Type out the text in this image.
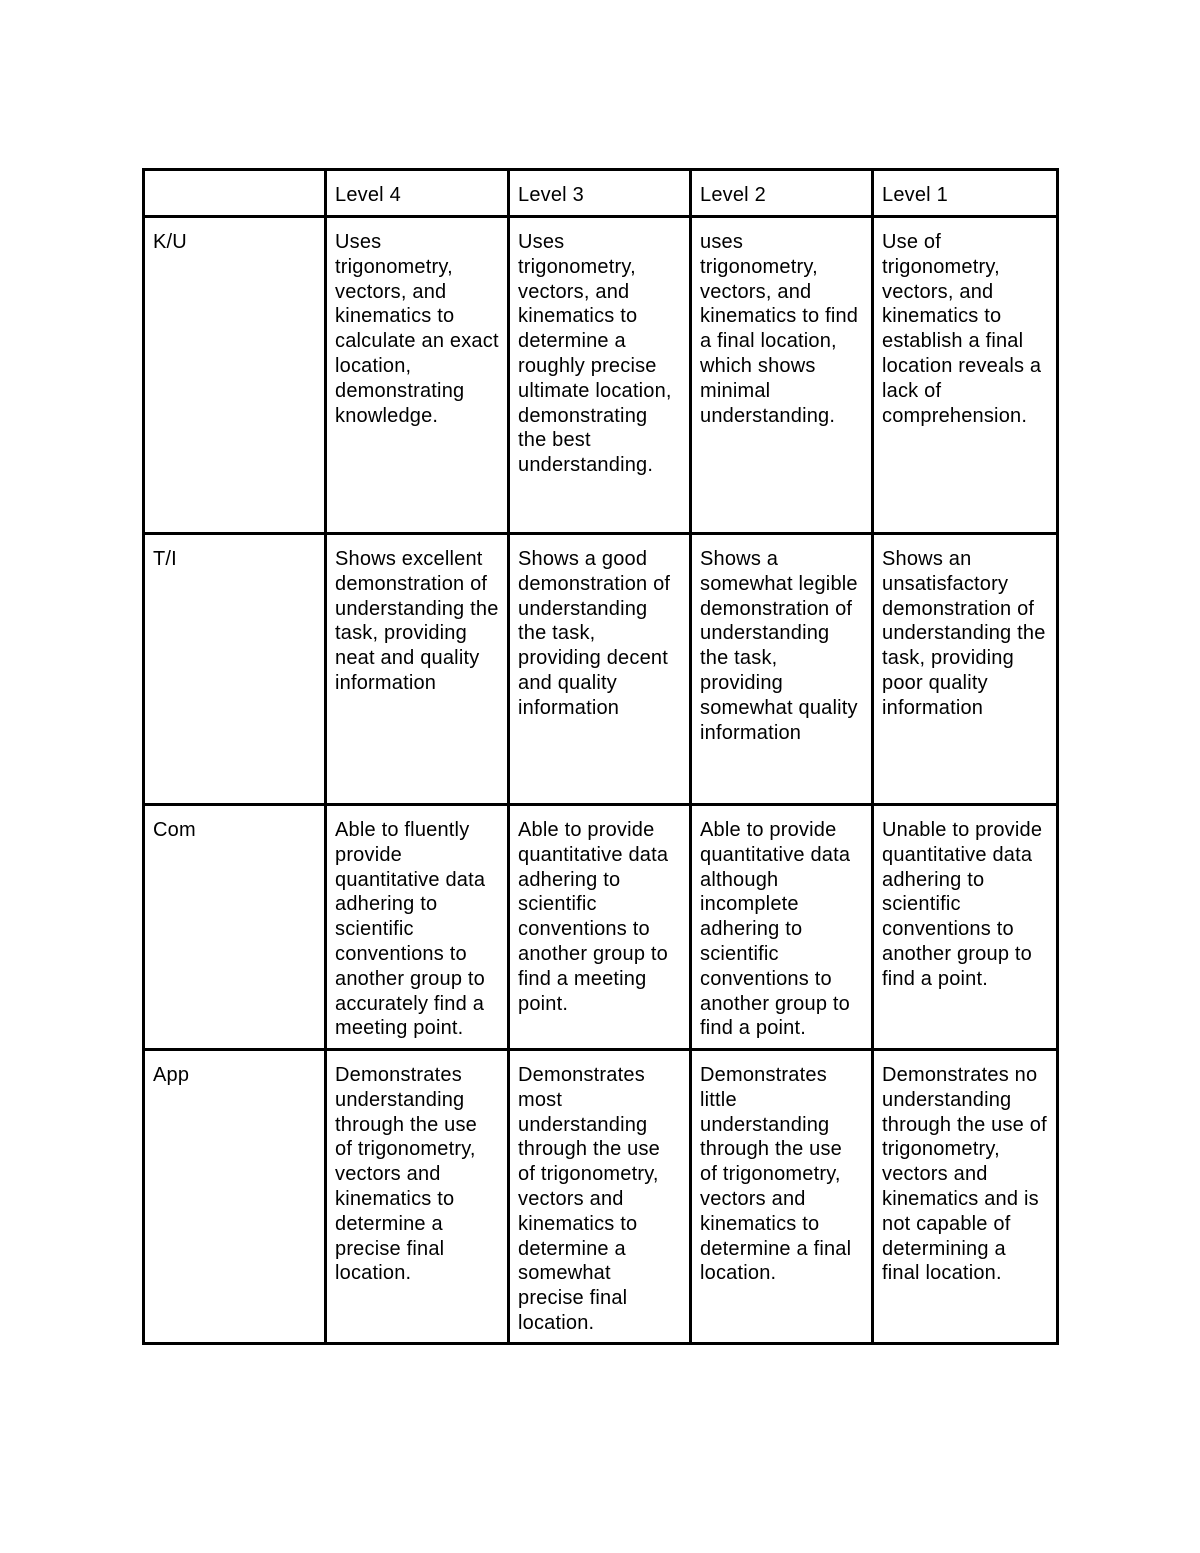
	Level 4	Level 3	Level 2	Level 1
K/U	Uses trigonometry, vectors, and kinematics to calculate an exact location, demonstrating knowledge.	Uses trigonometry, vectors, and kinematics to determine a roughly precise ultimate location, demonstrating the best understanding.	uses trigonometry, vectors, and kinematics to find a final location, which shows minimal understanding.	Use of trigonometry, vectors, and kinematics to establish a final location reveals a lack of comprehension.
T/I	Shows excellent demonstration of understanding the task, providing neat and quality information	Shows a good demonstration of understanding the task, providing decent and quality information	Shows a somewhat legible demonstration of understanding the task, providing somewhat quality information	Shows an unsatisfactory demonstration of understanding the task, providing poor quality information
Com	Able to fluently provide quantitative data adhering to scientific conventions to another group to accurately find a meeting point.	Able to provide quantitative data adhering to scientific conventions to another group to find a meeting point.	Able to provide quantitative data although incomplete adhering to scientific conventions to another group to find a point.	Unable to provide quantitative data adhering to scientific conventions to another group to find a point.
App	Demonstrates understanding through the use of trigonometry, vectors and kinematics to determine a precise final location.	Demonstrates most understanding through the use of trigonometry, vectors and kinematics to determine a somewhat precise final location.	Demonstrates little understanding through the use of trigonometry, vectors and kinematics to determine a final location.	Demonstrates no understanding through the use of trigonometry, vectors and kinematics and is not capable of determining a final location.
